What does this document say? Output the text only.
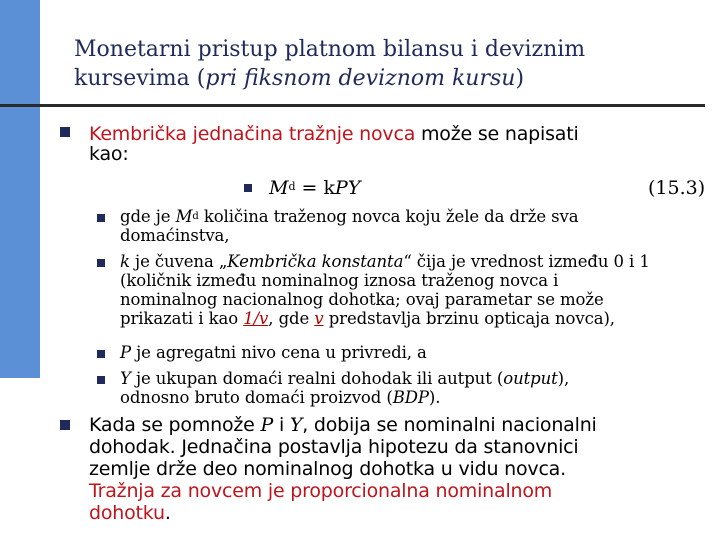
Monetarni pristup platnom bilansu i deviznim
kursevima (pri fiksnom deviznom kursu)
Kembrička jednačina tražnje novca može se napisati
kao:
$M^d$ = kPY	(15.3)
gde je $M^d$ količina traženog novca koju žele da drže sva
domaćinstva,
k je čuvena „Kembrička konstanta“ čija je vrednost između 0 i 1
(količnik između nominalnog iznosa traženog novca i
nominalnog nacionalnog dohotka; ovaj parametar se može
prikazati i kao 1/v, gde v predstavlja brzinu opticaja novca),
P je agregatni nivo cena u privredi, a
Y je ukupan domaći realni dohodak ili autput (output),
odnosno bruto domaći proizvod (BDP).
Kada se pomnože P i Y, dobija se nominalni nacionalni
dohodak. Jednačina postavlja hipotezu da stanovnici
zemlje drže deo nominalnog dohotka u vidu novca.
Tražnja za novcem je proporcionalna nominalnom
dohotku.
